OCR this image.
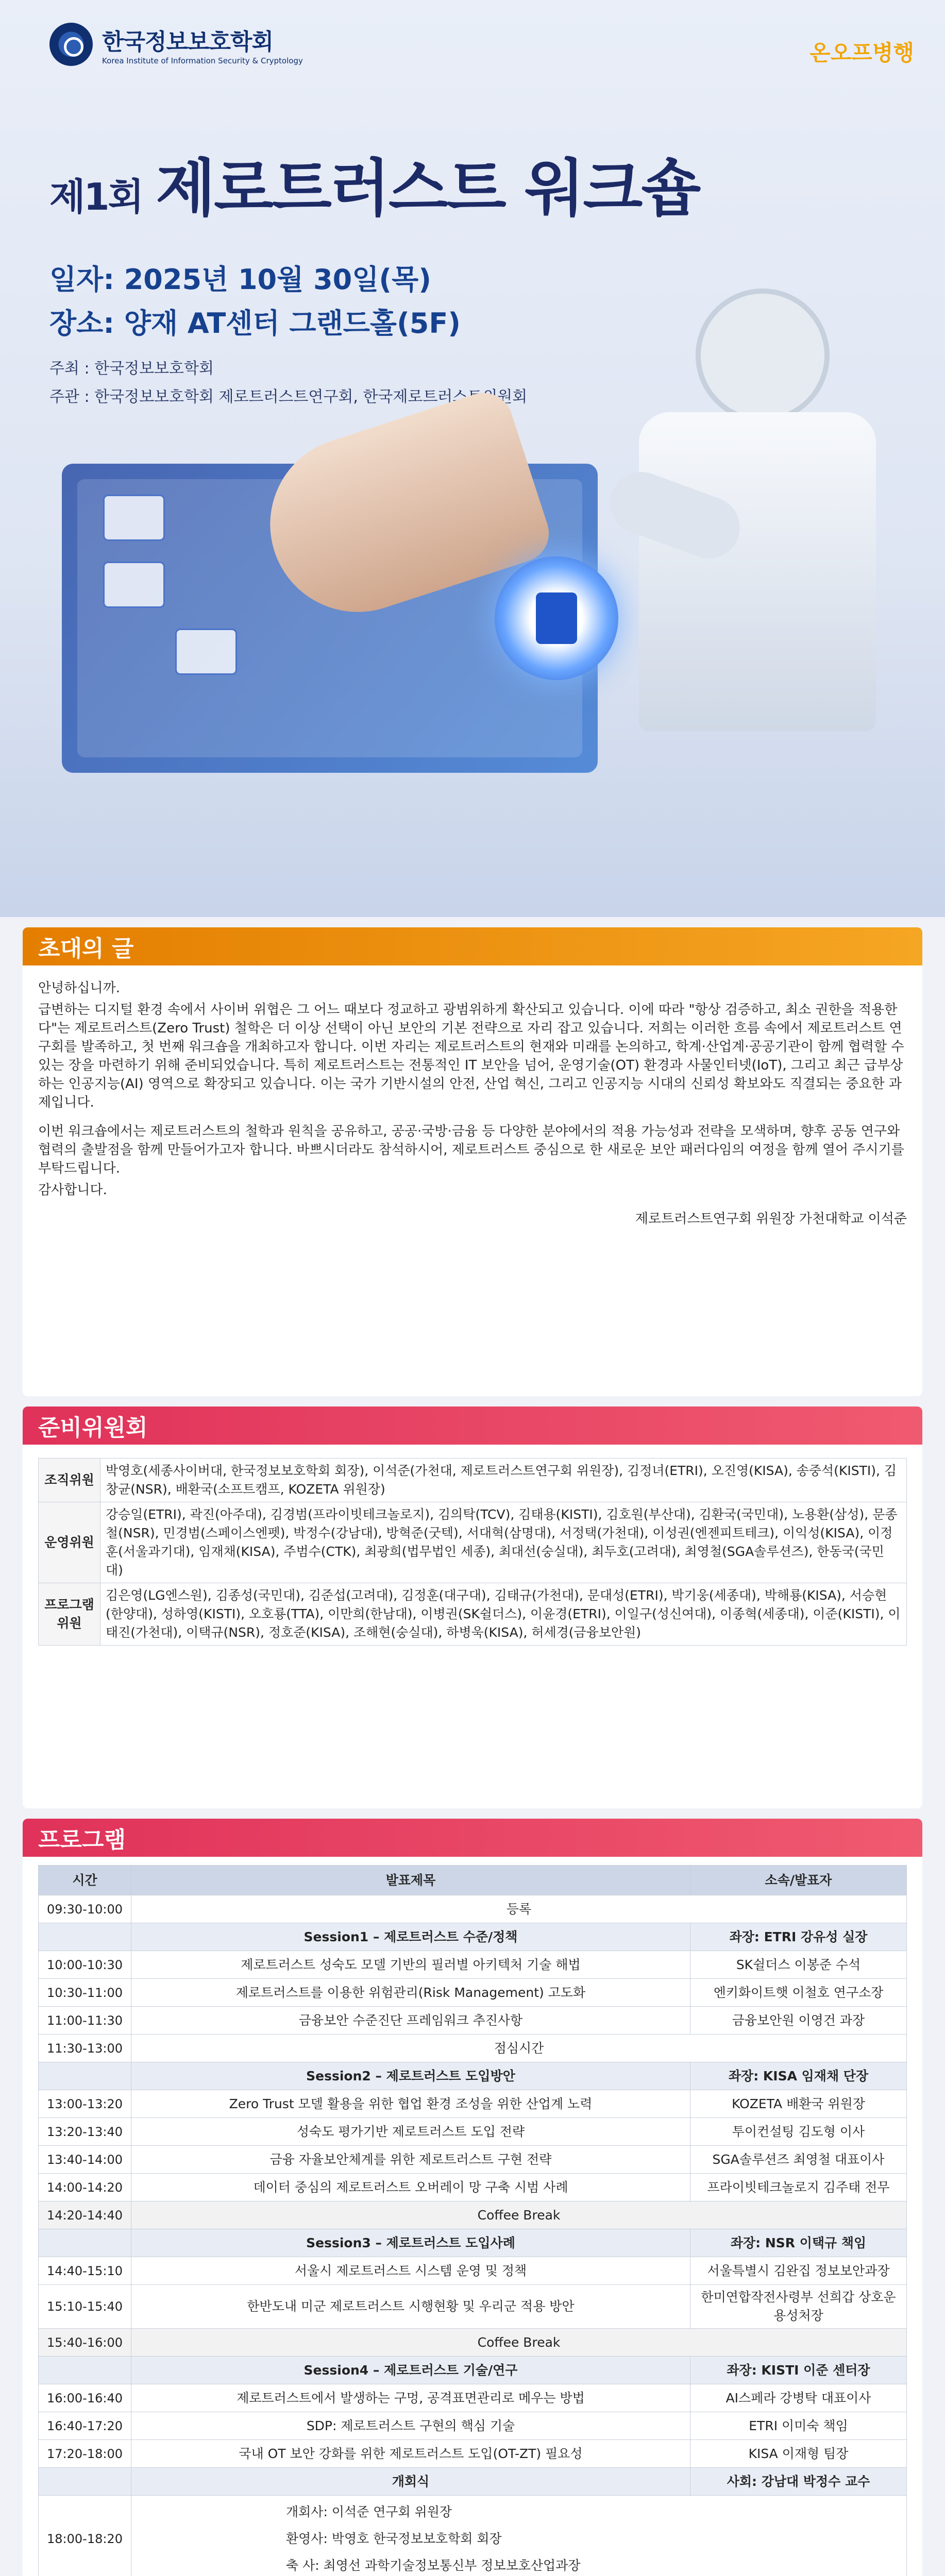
한국정보보호학회
Korea Institute of Information Security & Cryptology	온오프병행
제1회 제로트러스트 워크숍
일자: 2025년 10월 30일(목)
장소: 양재 AT센터 그랜드홀(5F)
주최 : 한국정보보호학회
주관 : 한국정보보호학회 제로트러스트연구회, 한국제로트러스트위원회
초대의 글

안녕하십니까.

급변하는 디지털 환경 속에서 사이버 위협은 그 어느 때보다 정교하고 광범위하게 확산되고 있습니다. 이에 따라 "항상 검증하고, 최소 권한을 적용한다"는 제로트러스트(Zero Trust) 철학은 더 이상 선택이 아닌 보안의 기본 전략으로 자리 잡고 있습니다. 저희는 이러한 흐름 속에서 제로트러스트 연구회를 발족하고, 첫 번째 워크숍을 개최하고자 합니다. 이번 자리는 제로트러스트의 현재와 미래를 논의하고, 학계·산업계·공공기관이 함께 협력할 수 있는 장을 마련하기 위해 준비되었습니다. 특히 제로트러스트는 전통적인 IT 보안을 넘어, 운영기술(OT) 환경과 사물인터넷(IoT), 그리고 최근 급부상하는 인공지능(AI) 영역으로 확장되고 있습니다. 이는 국가 기반시설의 안전, 산업 혁신, 그리고 인공지능 시대의 신뢰성 확보와도 직결되는 중요한 과제입니다.

이번 워크숍에서는 제로트러스트의 철학과 원칙을 공유하고, 공공·국방·금융 등 다양한 분야에서의 적용 가능성과 전략을 모색하며, 향후 공동 연구와 협력의 출발점을 함께 만들어가고자 합니다. 바쁘시더라도 참석하시어, 제로트러스트 중심으로 한 새로운 보안 패러다임의 여정을 함께 열어 주시기를 부탁드립니다.

감사합니다.

제로트러스트연구회 위원장 가천대학교 이석준

준비위원회
조직위원	박영호(세종사이버대, 한국정보보호학회 회장), 이석준(가천대, 제로트러스트연구회 위원장), 김정녀(ETRI), 오진영(KISA), 송중석(KISTI), 김창균(NSR), 배환국(소프트캠프, KOZETA 위원장)
운영위원	강승일(ETRI), 곽진(아주대), 김경범(프라이빗테크놀로지), 김의탁(TCV), 김태용(KISTI), 김호원(부산대), 김환국(국민대), 노용환(삼성), 문종철(NSR), 민경범(스페이스엔펫), 박정수(강남대), 방혁준(굿텍), 서대혁(삼명대), 서정택(가천대), 이성권(엔젠피트테크), 이익성(KISA), 이정훈(서울과기대), 임재채(KISA), 주범수(CTK), 최광희(법무법인 세종), 최대선(숭실대), 최두호(고려대), 최영철(SGA솔루션즈), 한동국(국민대)
프로그램위원	김은영(LG엔스원), 김종성(국민대), 김준섭(고려대), 김정훈(대구대), 김태규(가천대), 문대성(ETRI), 박기웅(세종대), 박해룡(KISA), 서승현(한양대), 성하영(KISTI), 오호룡(TTA), 이만희(한남대), 이병권(SK쉴더스), 이윤경(ETRI), 이일구(성신여대), 이종혁(세종대), 이준(KISTI), 이태진(가천대), 이택규(NSR), 정호준(KISA), 조해현(숭실대), 하병욱(KISA), 허세경(금융보안원)
프로그램
시간	발표제목	소속/발표자
09:30-10:00	등록	
	Session1 – 제로트러스트 수준/정책	좌장: ETRI 강유성 실장
10:00-10:30	제로트러스트 성숙도 모델 기반의 필러별 아키텍처 기술 해법	SK쉴더스 이봉준 수석
10:30-11:00	제로트러스트를 이용한 위험관리(Risk Management) 고도화	엔키화이트햇 이철호 연구소장
11:00-11:30	금융보안 수준진단 프레임워크 추진사항	금융보안원 이영건 과장
11:30-13:00	점심시간	
	Session2 – 제로트러스트 도입방안	좌장: KISA 임재채 단장
13:00-13:20	Zero Trust 모델 활용을 위한 협업 환경 조성을 위한 산업계 노력	KOZETA 배환국 위원장
13:20-13:40	성숙도 평가기반 제로트러스트 도입 전략	투이컨설팅 김도형 이사
13:40-14:00	금융 자율보안체계를 위한 제로트러스트 구현 전략	SGA솔루션즈 최영철 대표이사
14:00-14:20	데이터 중심의 제로트러스트 오버레이 망 구축 시범 사례	프라이빗테크놀로지 김주태 전무
14:20-14:40	Coffee Break	
	Session3 – 제로트러스트 도입사례	좌장: NSR 이택규 책임
14:40-15:10	서울시 제로트러스트 시스템 운영 및 정책	서울특별시 김완집 정보보안과장
15:10-15:40	한반도내 미군 제로트러스트 시행현황 및 우리군 적용 방안	한미연합작전사령부 선희갑 상호운용성처장
15:40-16:00	Coffee Break	
	Session4 – 제로트러스트 기술/연구	좌장: KISTI 이준 센터장
16:00-16:40	제로트러스트에서 발생하는 구멍, 공격표면관리로 메우는 방법	AI스페라 강병탁 대표이사
16:40-17:20	SDP: 제로트러스트 구현의 핵심 기술	ETRI 이미숙 책임
17:20-18:00	국내 OT 보안 강화를 위한 제로트러스트 도입(OT-ZT) 필요성	KISA 이재형 팀장
	개회식	사회: 강남대 박정수 교수
18:00-18:20	개회사: 이석준 연구회 위원장
환영사: 박영호 한국정보보호학회 회장
축 사: 최영선 과학기술정보통신부 정보보호산업과장	
